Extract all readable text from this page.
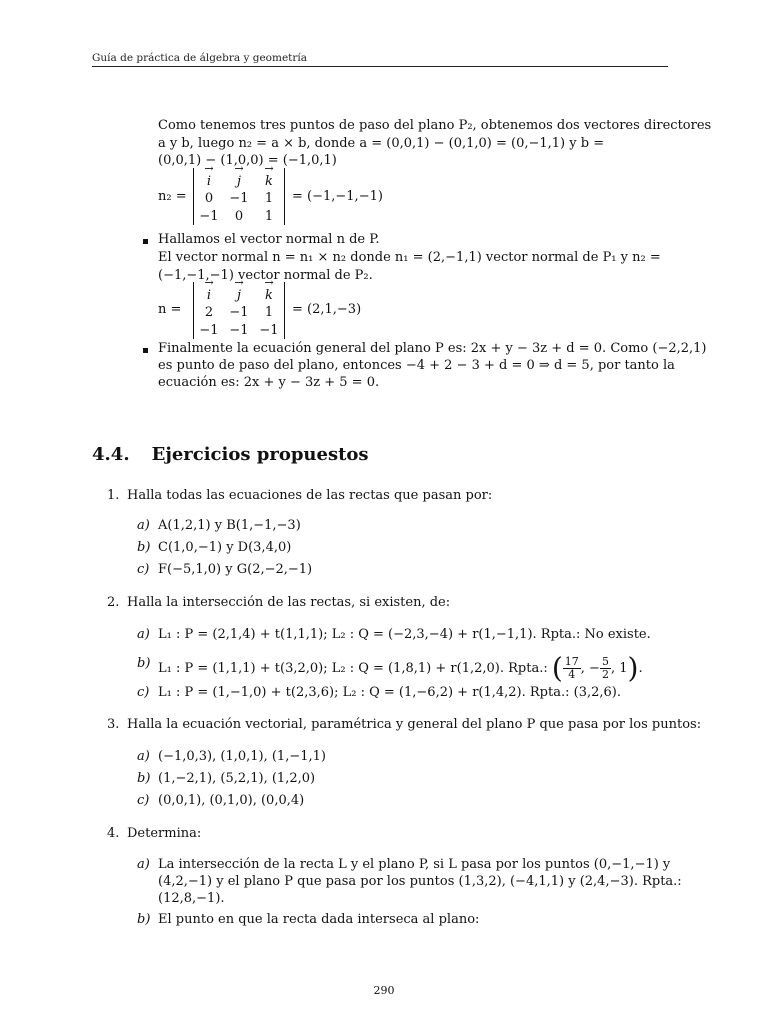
Guía de práctica de álgebra y geometría
Como tenemos tres puntos de paso del plano P₂, obtenemos dos vectores directores
a y b, luego n₂ = a × b, donde a = (0,0,1) − (0,1,0) = (0,−1,1) y b =
(0,0,1) − (1,0,0) = (−1,0,1)
n₂ =
→ i	→ j	→ k
0	−1	1
−1	0	1
= (−1,−1,−1)
Hallamos el vector normal n de P.
El vector normal n = n₁ × n₂ donde n₁ = (2,−1,1) vector normal de P₁ y n₂ =
(−1,−1,−1) vector normal de P₂.
n =
→ i	→ j	→ k
2	−1	1
−1	−1	−1
= (2,1,−3)
Finalmente la ecuación general del plano P es: 2x + y − 3z + d = 0. Como (−2,2,1)
es punto de paso del plano, entonces −4 + 2 − 3 + d = 0 ⇒ d = 5, por tanto la
ecuación es: 2x + y − 3z + 5 = 0.
4.4. Ejercicios propuestos
1. Halla todas las ecuaciones de las rectas que pasan por:
a) A(1,2,1) y B(1,−1,−3)
b) C(1,0,−1) y D(3,4,0)
c) F(−5,1,0) y G(2,−2,−1)
2. Halla la intersección de las rectas, si existen, de:
a) L₁ : P = (2,1,4) + t(1,1,1); L₂ : Q = (−2,3,−4) + r(1,−1,1). Rpta.: No existe.
b) L₁ : P = (1,1,1) + t(3,2,0); L₂ : Q = (1,8,1) + r(1,2,0). Rpta.: ( $\frac{17}{4}$ , − $\frac{5}{2}$ , 1).
c) L₁ : P = (1,−1,0) + t(2,3,6); L₂ : Q = (1,−6,2) + r(1,4,2). Rpta.: (3,2,6).
3. Halla la ecuación vectorial, paramétrica y general del plano P que pasa por los puntos:
a) (−1,0,3), (1,0,1), (1,−1,1)
b) (1,−2,1), (5,2,1), (1,2,0)
c) (0,0,1), (0,1,0), (0,0,4)
4. Determina:
a) La intersección de la recta L y el plano P, si L pasa por los puntos (0,−1,−1) y
(4,2,−1) y el plano P que pasa por los puntos (1,3,2), (−4,1,1) y (2,4,−3). Rpta.:
(12,8,−1).
b) El punto en que la recta dada interseca al plano:
290
